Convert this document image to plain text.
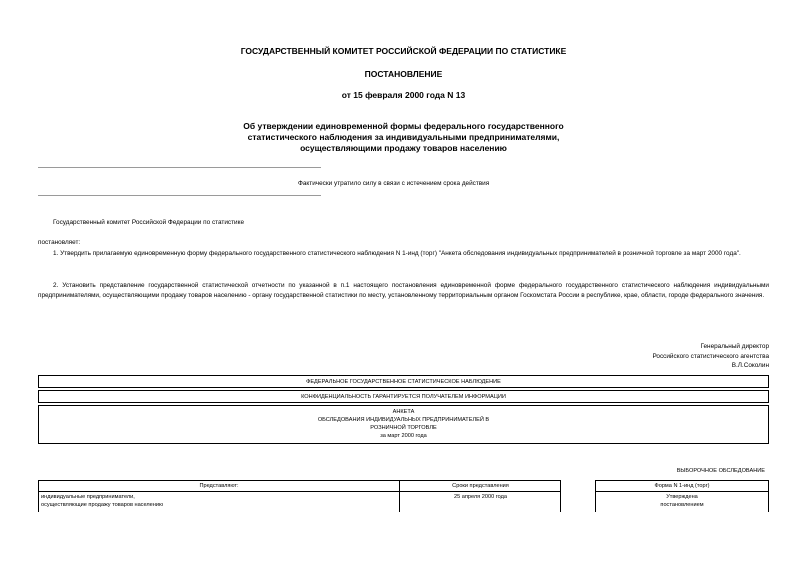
ГОСУДАРСТВЕННЫЙ КОМИТЕТ РОССИЙСКОЙ ФЕДЕРАЦИИ ПО СТАТИСТИКЕ
ПОСТАНОВЛЕНИЕ
от 15 февраля 2000 года N 13
Об утверждении единовременной формы федерального государственного
статистического наблюдения за индивидуальными предпринимателями,
осуществляющими продажу товаров населению
Фактически утратило силу в связи с истечением срока действия
Государственный комитет Российской Федерации по статистике
постановляет:
1. Утвердить прилагаемую единовременную форму федерального государственного статистического наблюдения N 1-инд (торг) "Анкета обследования индивидуальных предпринимателей в розничной торговле за март 2000 года".
2. Установить представление государственной статистической отчетности по указанной в п.1 настоящего постановления единовременной форме федерального государственного статистического наблюдения индивидуальными предпринимателями, осуществляющими продажу товаров населению - органу государственной статистики по месту, установленному территориальным органом Госкомстата России в республике, крае, области, городе федерального значения.
Генеральный директор
Российского статистического агентства
В.Л.Соколин
ФЕДЕРАЛЬНОЕ ГОСУДАРСТВЕННОЕ СТАТИСТИЧЕСКОЕ НАБЛЮДЕНИЕ
КОНФИДЕНЦИАЛЬНОСТЬ ГАРАНТИРУЕТСЯ ПОЛУЧАТЕЛЕМ ИНФОРМАЦИИ
АНКЕТА
ОБСЛЕДОВАНИЯ ИНДИВИДУАЛЬНЫХ ПРЕДПРИНИМАТЕЛЕЙ В
РОЗНИЧНОЙ ТОРГОВЛЕ
за март 2000 года
ВЫБОРОЧНОЕ ОБСЛЕДОВАНИЕ
Представляют:	Сроки представления
индивидуальные предприниматели,
осуществляющие продажу товаров населению
25 апреля 2000 года
Форма N 1-инд (торг)
Утверждена
постановлением
